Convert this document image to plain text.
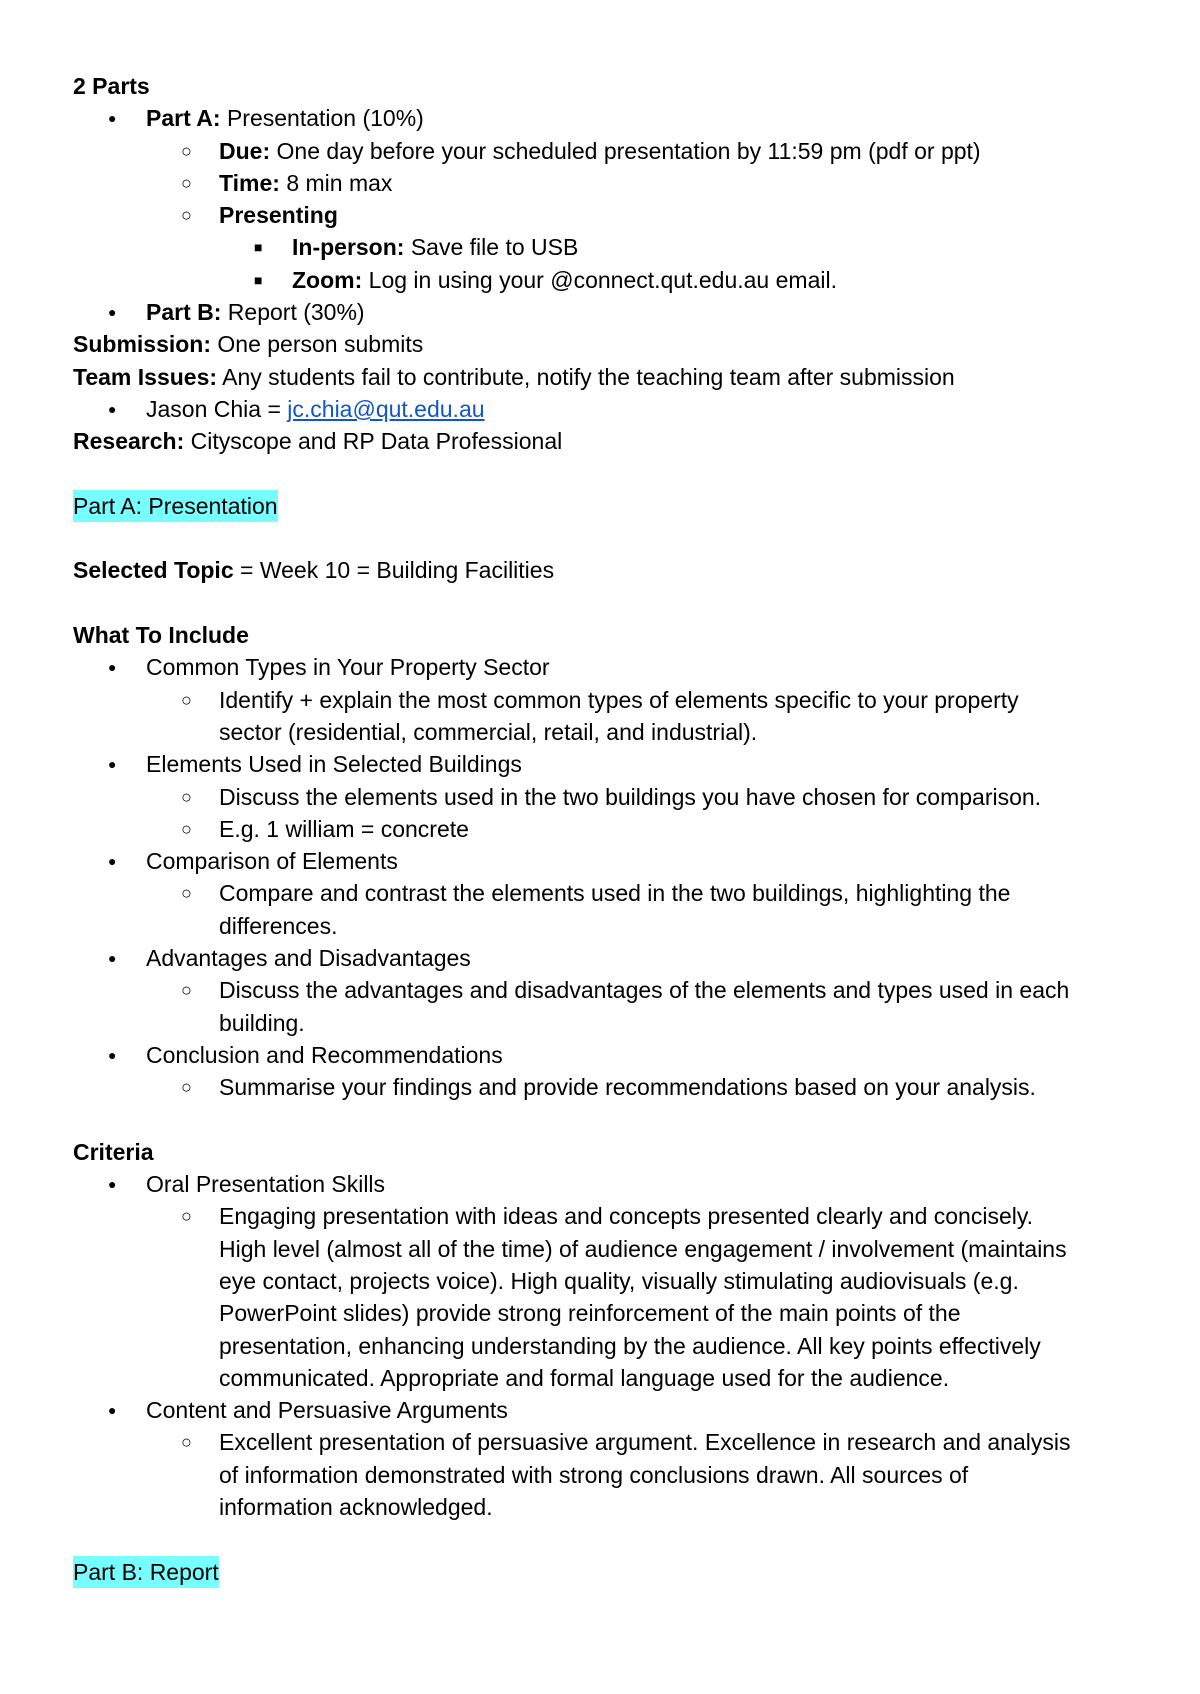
2 Parts
●	Part A: Presentation (10%)
○	Due: One day before your scheduled presentation by 11:59 pm (pdf or ppt)
○	Time: 8 min max
○	Presenting
■	In-person: Save file to USB
■	Zoom: Log in using your @connect.qut.edu.au email.
●	Part B: Report (30%)
Submission: One person submits
Team Issues: Any students fail to contribute, notify the teaching team after submission
●	Jason Chia = jc.chia@qut.edu.au
Research: Cityscope and RP Data Professional
Part A: Presentation
Selected Topic = Week 10 = Building Facilities
What To Include
●	Common Types in Your Property Sector
○	Identify + explain the most common types of elements specific to your property
sector (residential, commercial, retail, and industrial).
●	Elements Used in Selected Buildings
○	Discuss the elements used in the two buildings you have chosen for comparison.
○	E.g. 1 william = concrete
●	Comparison of Elements
○	Compare and contrast the elements used in the two buildings, highlighting the
differences.
●	Advantages and Disadvantages
○	Discuss the advantages and disadvantages of the elements and types used in each
building.
●	Conclusion and Recommendations
○	Summarise your findings and provide recommendations based on your analysis.
Criteria
●	Oral Presentation Skills
○	Engaging presentation with ideas and concepts presented clearly and concisely.
High level (almost all of the time) of audience engagement / involvement (maintains
eye contact, projects voice). High quality, visually stimulating audiovisuals (e.g.
PowerPoint slides) provide strong reinforcement of the main points of the
presentation, enhancing understanding by the audience. All key points effectively
communicated. Appropriate and formal language used for the audience.
●	Content and Persuasive Arguments
○	Excellent presentation of persuasive argument. Excellence in research and analysis
of information demonstrated with strong conclusions drawn. All sources of
information acknowledged.
Part B: Report
